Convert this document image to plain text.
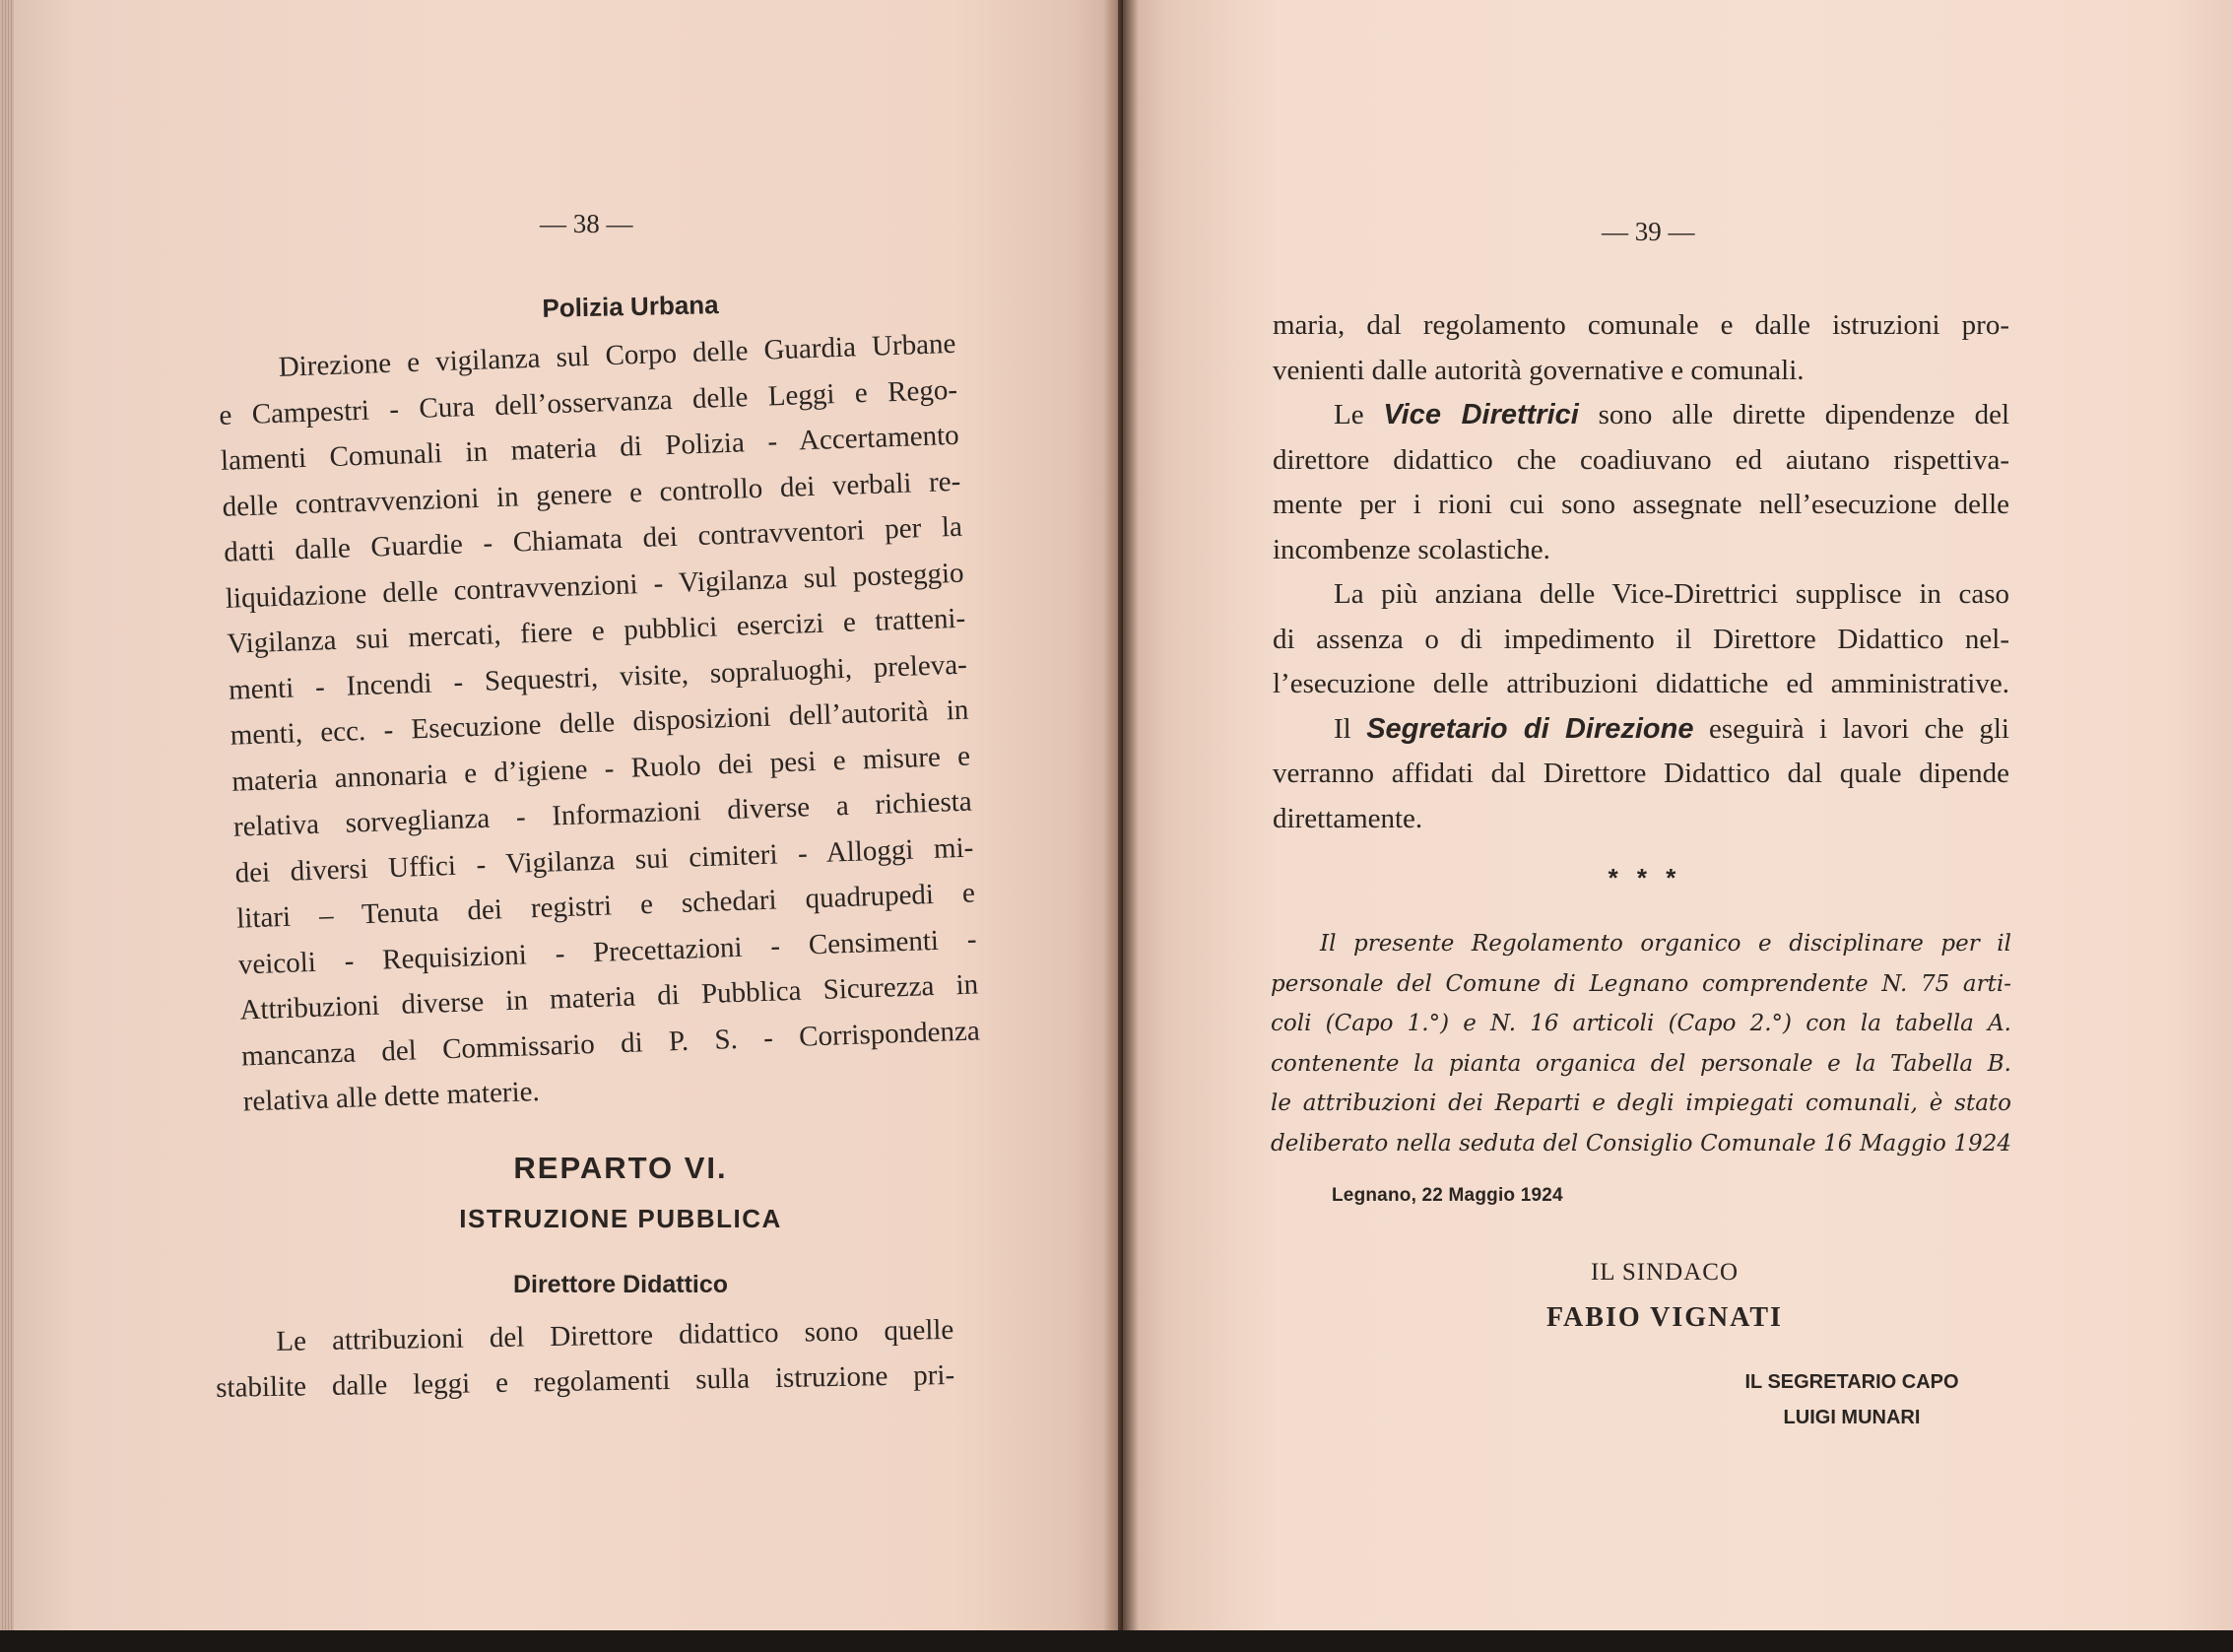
— 38 —
Polizia Urbana
Direzione e vigilanza sul Corpo delle Guardia Urbane
e Campestri - Cura dell’osservanza delle Leggi e Rego-
lamenti Comunali in materia di Polizia - Accertamento
delle contravvenzioni in genere e controllo dei verbali re-
datti dalle Guardie - Chiamata dei contravventori per la
liquidazione delle contravvenzioni - Vigilanza sul posteggio
Vigilanza sui mercati, fiere e pubblici esercizi e tratteni-
menti - Incendi - Sequestri, visite, sopraluoghi, preleva-
menti, ecc. - Esecuzione delle disposizioni dell’autorità in
materia annonaria e d’igiene - Ruolo dei pesi e misure e
relativa sorveglianza - Informazioni diverse a richiesta
dei diversi Uffici - Vigilanza sui cimiteri - Alloggi mi-
litari – Tenuta dei registri e schedari quadrupedi e
veicoli - Requisizioni - Precettazioni - Censimenti -
Attribuzioni diverse in materia di Pubblica Sicurezza in
mancanza del Commissario di P. S. - Corrispondenza
relativa alle dette materie.
REPARTO VI.
ISTRUZIONE PUBBLICA
Direttore Didattico
Le attribuzioni del Direttore didattico sono quelle
stabilite dalle leggi e regolamenti sulla istruzione pri-
— 39 —
maria, dal regolamento comunale e dalle istruzioni pro-
venienti dalle autorità governative e comunali.
Le Vice Direttrici sono alle dirette dipendenze del
direttore didattico che coadiuvano ed aiutano rispettiva-
mente per i rioni cui sono assegnate nell’esecuzione delle
incombenze scolastiche.
La più anziana delle Vice-Direttrici supplisce in caso
di assenza o di impedimento il Direttore Didattico nel-
l’esecuzione delle attribuzioni didattiche ed amministrative.
Il Segretario di Direzione eseguirà i lavori che gli
verranno affidati dal Direttore Didattico dal quale dipende
direttamente.
* * *
Il presente Regolamento organico e disciplinare per il
personale del Comune di Legnano comprendente N. 75 arti-
coli (Capo 1.°) e N. 16 articoli (Capo 2.°) con la tabella A.
contenente la pianta organica del personale e la Tabella B.
le attribuzioni dei Reparti e degli impiegati comunali, è stato
deliberato nella seduta del Consiglio Comunale 16 Maggio 1924
Legnano, 22 Maggio 1924
IL SINDACO
FABIO VIGNATI
IL SEGRETARIO CAPO
LUIGI MUNARI
